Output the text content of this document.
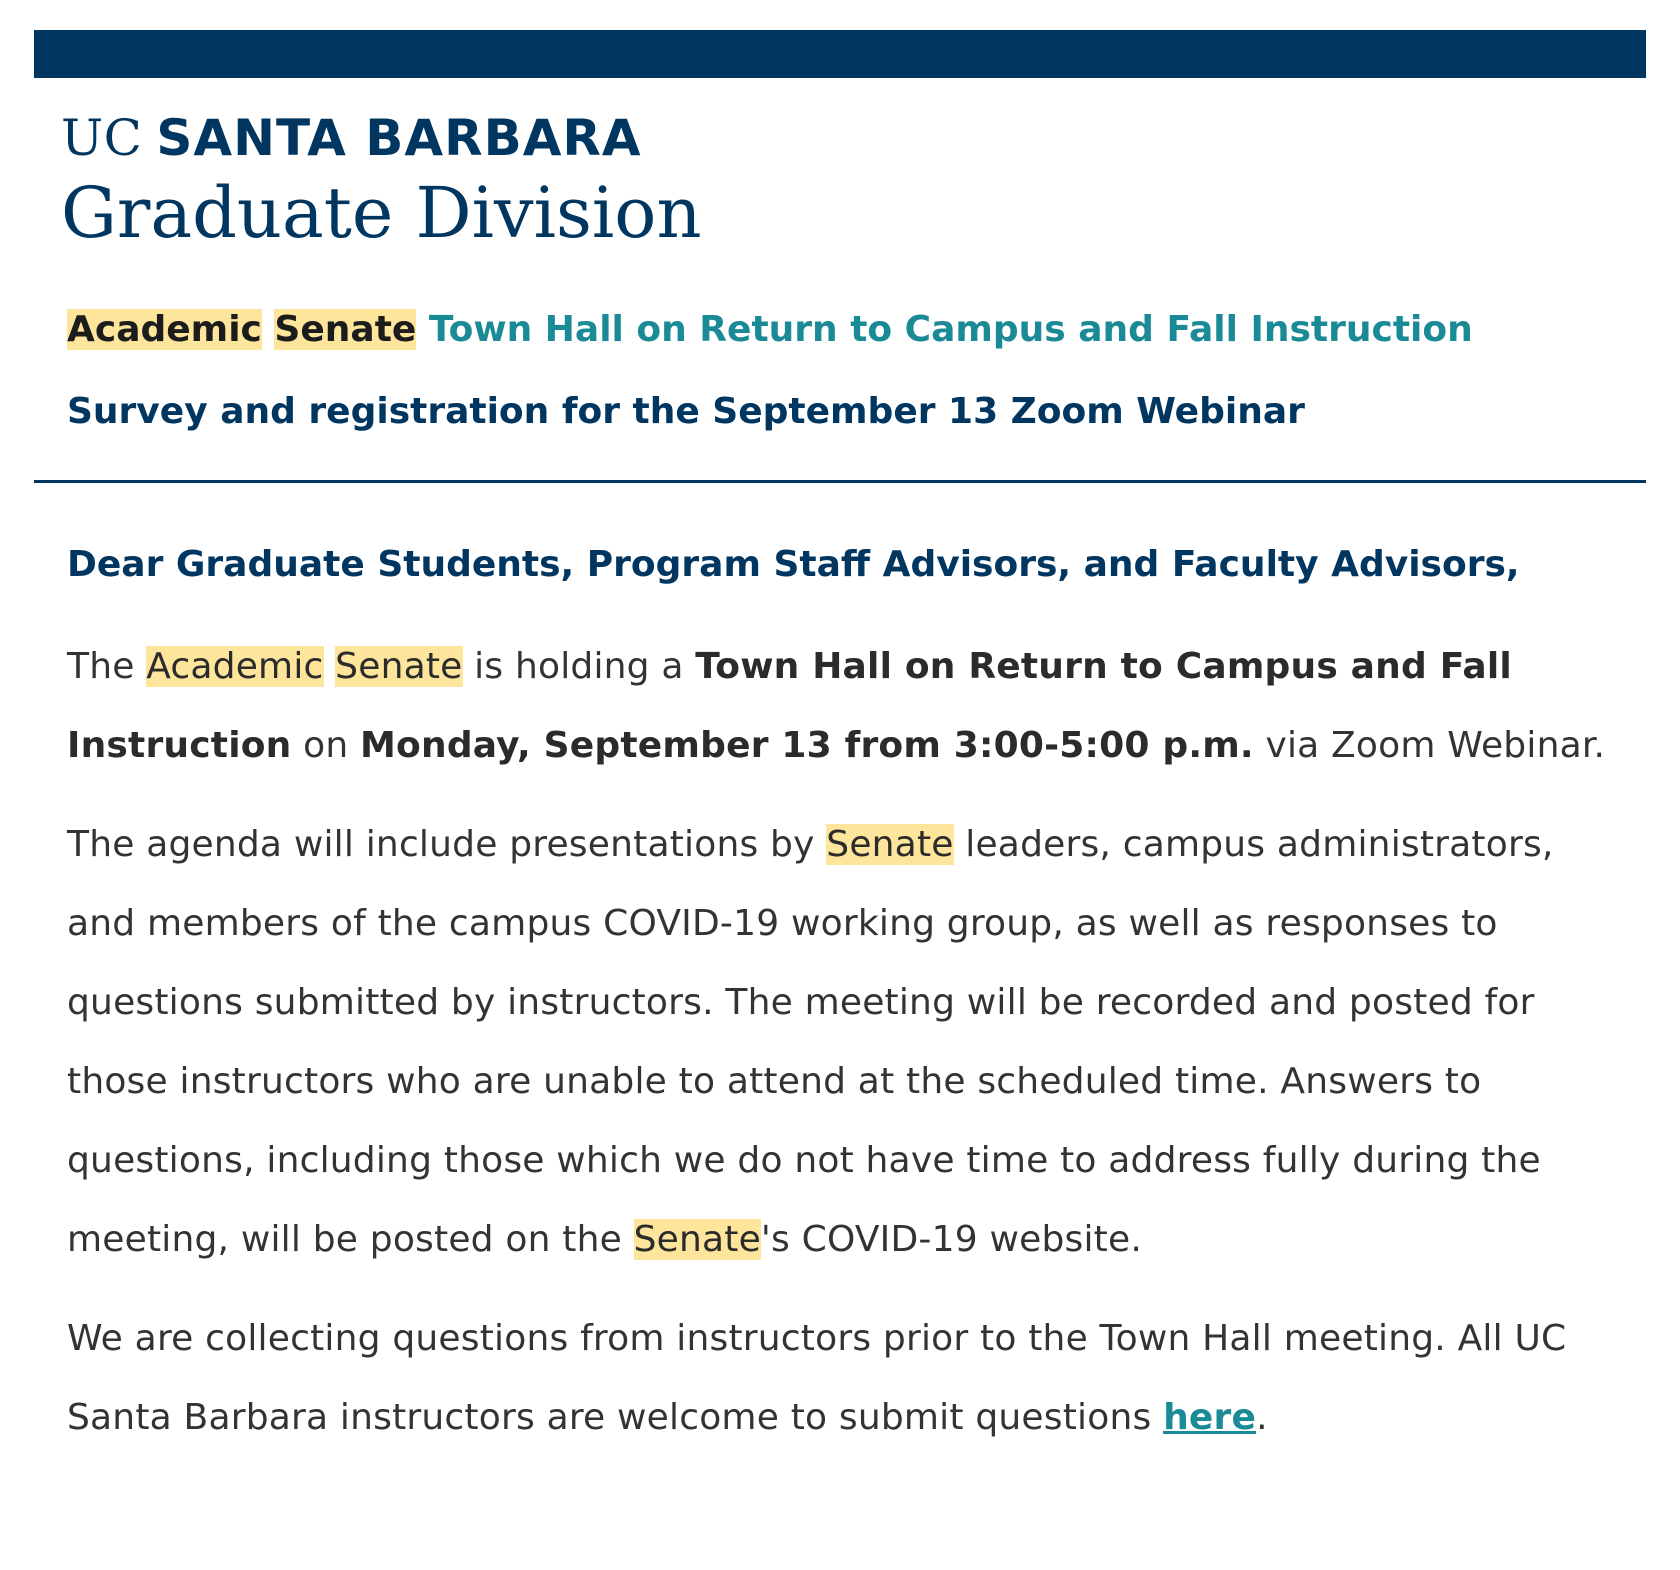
UC SANTA BARBARA
Graduate Division
Academic Senate Town Hall on Return to Campus and Fall Instruction
Survey and registration for the September 13 Zoom Webinar
Dear Graduate Students, Program Staff Advisors, and Faculty Advisors,

The Academic Senate is holding a Town Hall on Return to Campus and Fall Instruction on Monday, September 13 from 3:00-5:00 p.m. via Zoom Webinar.

The agenda will include presentations by Senate leaders, campus administrators, and members of the campus COVID-19 working group, as well as responses to questions submitted by instructors. The meeting will be recorded and posted for those instructors who are unable to attend at the scheduled time. Answers to questions, including those which we do not have time to address fully during the meeting, will be posted on the Senate's COVID-19 website.

We are collecting questions from instructors prior to the Town Hall meeting. All UC Santa Barbara instructors are welcome to submit questions here.
